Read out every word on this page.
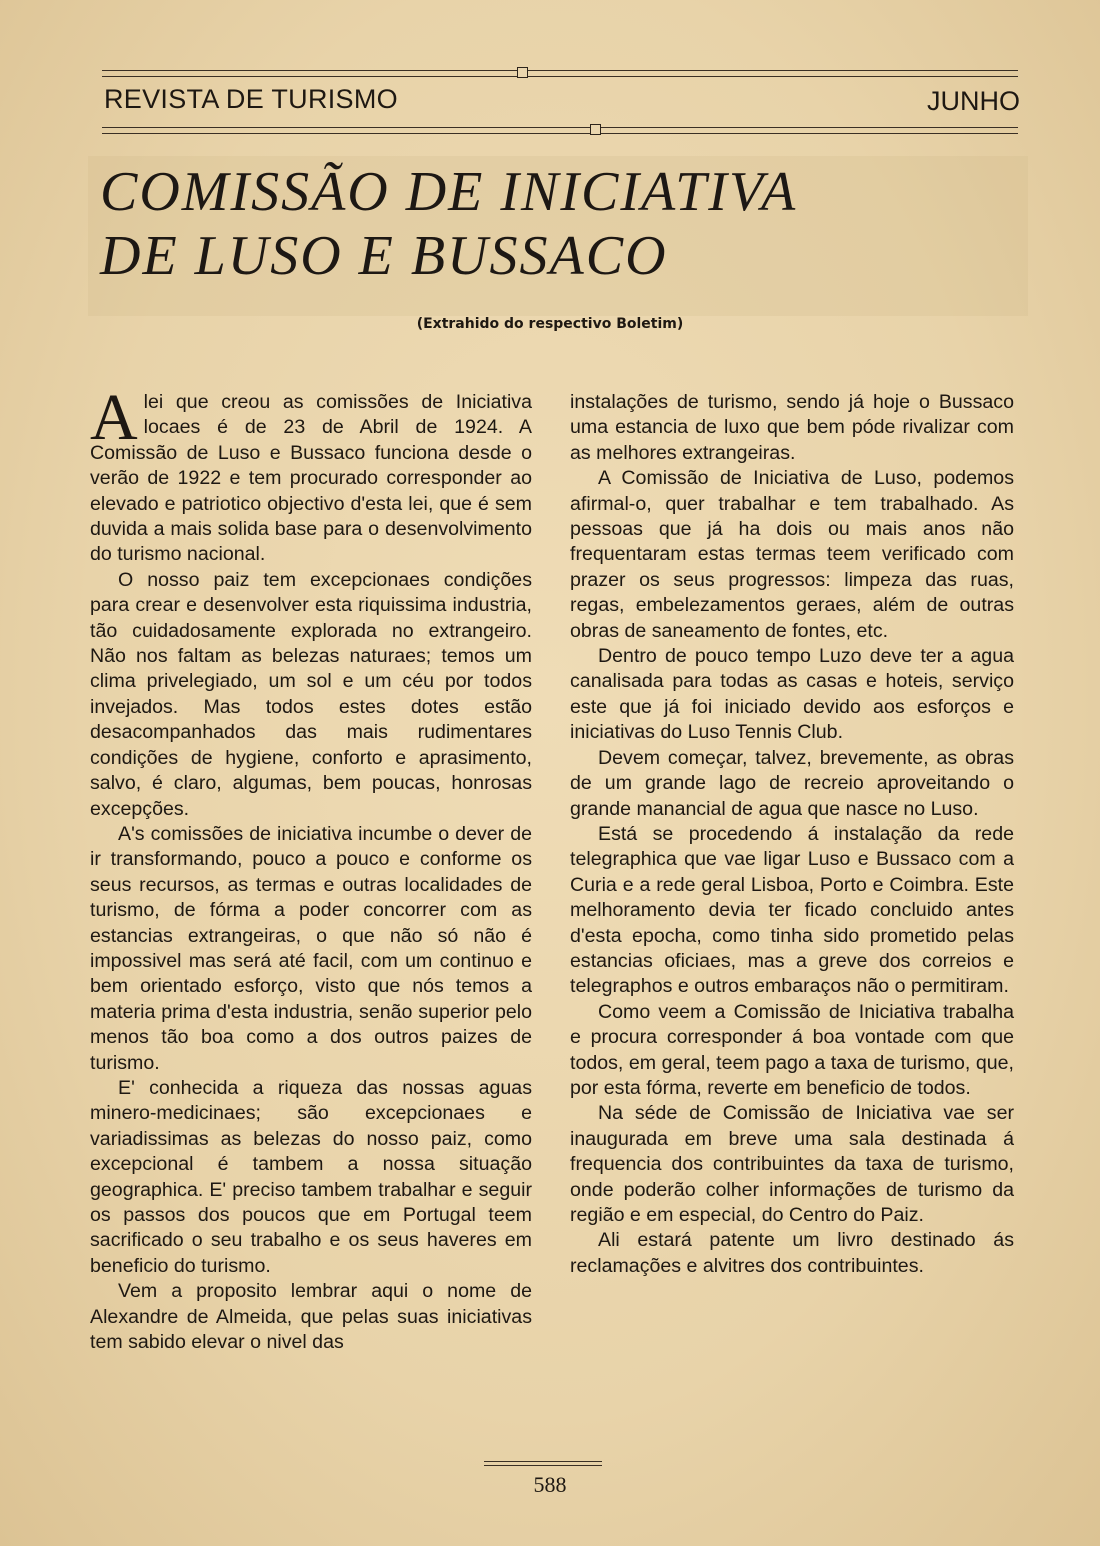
REVISTA DE TURISMO	JUNHO
COMISSÃO DE INICIATIVA
DE LUSO E BUSSACO
(Extrahido do respectivo Boletim)

A lei que creou as comissões de Iniciativa locaes é de 23 de Abril de 1924. A Comissão de Luso e Bussaco funciona desde o verão de 1922 e tem procurado corresponder ao elevado e patriotico objectivo d'esta lei, que é sem duvida a mais solida base para o desenvolvimento do turismo nacional.

O nosso paiz tem excepcionaes condições para crear e desenvolver esta riquissima industria, tão cuidadosamente explorada no extrangeiro. Não nos faltam as belezas naturaes; temos um clima privelegiado, um sol e um céu por todos invejados. Mas todos estes dotes estão desacompanhados das mais rudimentares condições de hygiene, conforto e aprasimento, salvo, é claro, algumas, bem poucas, honrosas excepções.

A's comissões de iniciativa incumbe o dever de ir transformando, pouco a pouco e conforme os seus recursos, as termas e outras localidades de turismo, de fórma a poder concorrer com as estancias extrangeiras, o que não só não é impossivel mas será até facil, com um continuo e bem orientado esforço, visto que nós temos a materia prima d'esta industria, senão superior pelo menos tão boa como a dos outros paizes de turismo.

E' conhecida a riqueza das nossas aguas minero-medicinaes; são excepcionaes e variadissimas as belezas do nosso paiz, como excepcional é tambem a nossa situação geographica. E' preciso tambem trabalhar e seguir os passos dos poucos que em Portugal teem sacrificado o seu trabalho e os seus haveres em beneficio do turismo.

Vem a proposito lembrar aqui o nome de Alexandre de Almeida, que pelas suas iniciativas tem sabido elevar o nivel das

instalações de turismo, sendo já hoje o Bussaco uma estancia de luxo que bem póde rivalizar com as melhores extrangeiras.

A Comissão de Iniciativa de Luso, podemos afirmal-o, quer trabalhar e tem trabalhado. As pessoas que já ha dois ou mais anos não frequentaram estas termas teem verificado com prazer os seus progressos: limpeza das ruas, regas, embelezamentos geraes, além de outras obras de saneamento de fontes, etc.

Dentro de pouco tempo Luzo deve ter a agua canalisada para todas as casas e hoteis, serviço este que já foi iniciado devido aos esforços e iniciativas do Luso Tennis Club.

Devem começar, talvez, brevemente, as obras de um grande lago de recreio aproveitando o grande manancial de agua que nasce no Luso.

Está se procedendo á instalação da rede telegraphica que vae ligar Luso e Bussaco com a Curia e a rede geral Lisboa, Porto e Coimbra. Este melhoramento devia ter ficado concluido antes d'esta epocha, como tinha sido prometido pelas estancias oficiaes, mas a greve dos correios e telegraphos e outros embaraços não o permitiram.

Como veem a Comissão de Iniciativa trabalha e procura corresponder á boa vontade com que todos, em geral, teem pago a taxa de turismo, que, por esta fórma, reverte em beneficio de todos.

Na séde de Comissão de Iniciativa vae ser inaugurada em breve uma sala destinada á frequencia dos contribuintes da taxa de turismo, onde poderão colher informações de turismo da região e em especial, do Centro do Paiz.

Ali estará patente um livro destinado ás reclamações e alvitres dos contribuintes.

588
